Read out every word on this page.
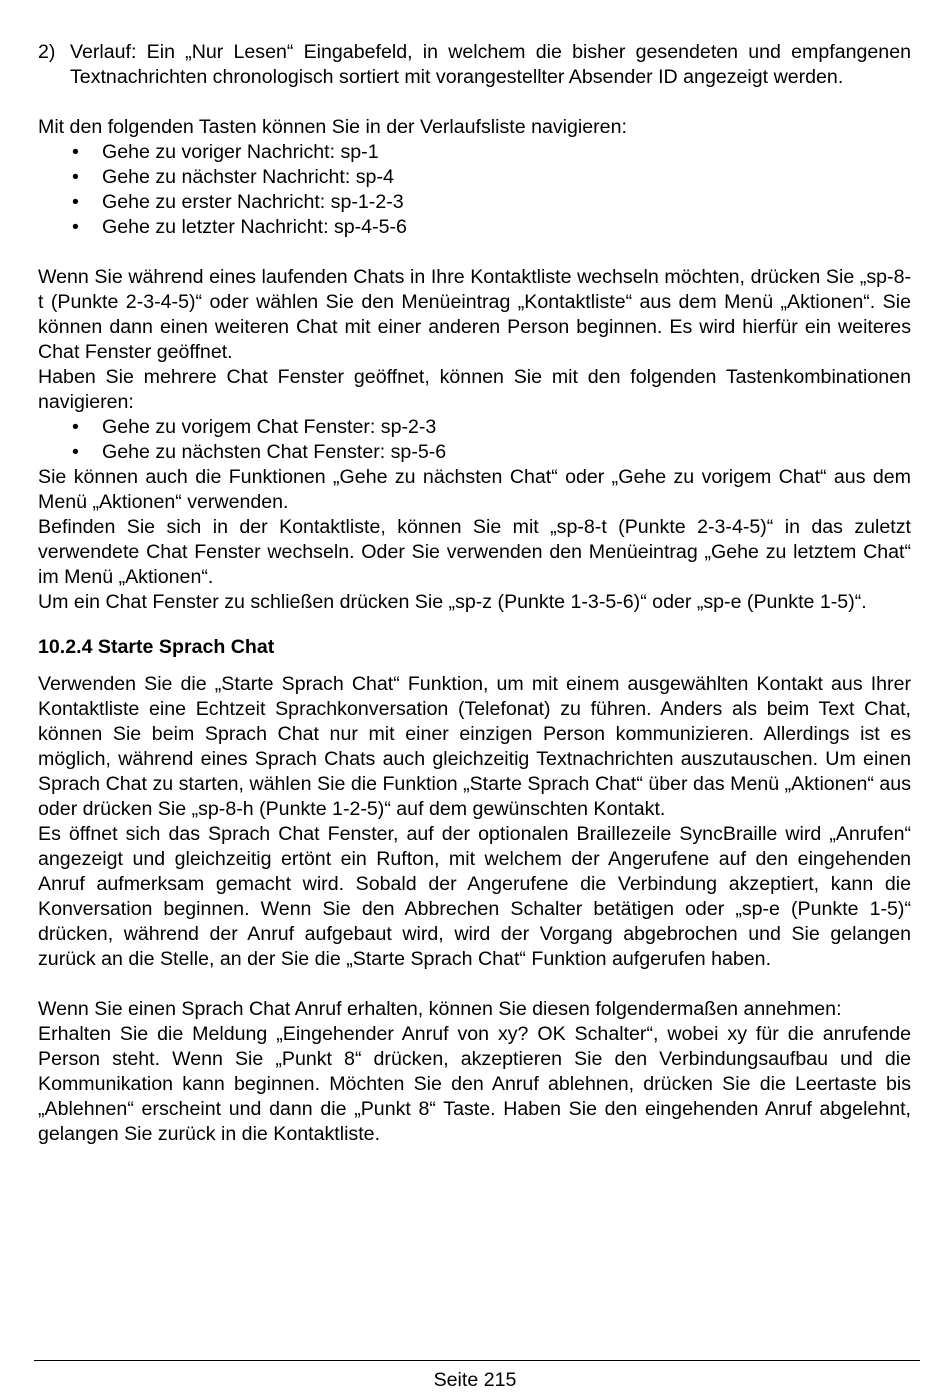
2) Verlauf: Ein „Nur Lesen“ Eingabefeld, in welchem die bisher gesendeten und empfangenen Textnachrichten chronologisch sortiert mit vorangestellter Absender ID angezeigt werden.

Mit den folgenden Tasten können Sie in der Verlaufsliste navigieren:

• Gehe zu voriger Nachricht: sp-1
• Gehe zu nächster Nachricht: sp-4
• Gehe zu erster Nachricht: sp-1-2-3
• Gehe zu letzter Nachricht: sp-4-5-6

Wenn Sie während eines laufenden Chats in Ihre Kontaktliste wechseln möchten, drücken Sie „sp-8-t (Punkte 2-3-4-5)“ oder wählen Sie den Menüeintrag „Kontaktliste“ aus dem Menü „Aktionen“. Sie können dann einen weiteren Chat mit einer anderen Person beginnen. Es wird hierfür ein weiteres Chat Fenster geöffnet.

Haben Sie mehrere Chat Fenster geöffnet, können Sie mit den folgenden Tastenkombinationen navigieren:

• Gehe zu vorigem Chat Fenster: sp-2-3
• Gehe zu nächsten Chat Fenster: sp-5-6

Sie können auch die Funktionen „Gehe zu nächsten Chat“ oder „Gehe zu vorigem Chat“ aus dem Menü „Aktionen“ verwenden.

Befinden Sie sich in der Kontaktliste, können Sie mit „sp-8-t (Punkte 2-3-4-5)“ in das zuletzt verwendete Chat Fenster wechseln. Oder Sie verwenden den Menüeintrag „Gehe zu letztem Chat“ im Menü „Aktionen“.

Um ein Chat Fenster zu schließen drücken Sie „sp-z (Punkte 1-3-5-6)“ oder „sp-e (Punkte 1-5)“.

10.2.4 Starte Sprach Chat

Verwenden Sie die „Starte Sprach Chat“ Funktion, um mit einem ausgewählten Kontakt aus Ihrer Kontaktliste eine Echtzeit Sprachkonversation (Telefonat) zu führen. Anders als beim Text Chat, können Sie beim Sprach Chat nur mit einer einzigen Person kommunizieren. Allerdings ist es möglich, während eines Sprach Chats auch gleichzeitig Textnachrichten auszutauschen. Um einen Sprach Chat zu starten, wählen Sie die Funktion „Starte Sprach Chat“ über das Menü „Aktionen“ aus oder drücken Sie „sp-8-h (Punkte 1-2-5)“ auf dem gewünschten Kontakt.

Es öffnet sich das Sprach Chat Fenster, auf der optionalen Braillezeile SyncBraille wird „Anrufen“ angezeigt und gleichzeitig ertönt ein Rufton, mit welchem der Angerufene auf den eingehenden Anruf aufmerksam gemacht wird. Sobald der Angerufene die Verbindung akzeptiert, kann die Konversation beginnen. Wenn Sie den Abbrechen Schalter betätigen oder „sp-e (Punkte 1-5)“ drücken, während der Anruf aufgebaut wird, wird der Vorgang abgebrochen und Sie gelangen zurück an die Stelle, an der Sie die „Starte Sprach Chat“ Funktion aufgerufen haben.

Wenn Sie einen Sprach Chat Anruf erhalten, können Sie diesen folgendermaßen annehmen:

Erhalten Sie die Meldung „Eingehender Anruf von xy? OK Schalter“, wobei xy für die anrufende Person steht. Wenn Sie „Punkt 8“ drücken, akzeptieren Sie den Verbindungsaufbau und die Kommunikation kann beginnen. Möchten Sie den Anruf ablehnen, drücken Sie die Leertaste bis „Ablehnen“ erscheint und dann die „Punkt 8“ Taste. Haben Sie den eingehenden Anruf abgelehnt, gelangen Sie zurück in die Kontaktliste.

Seite 215
